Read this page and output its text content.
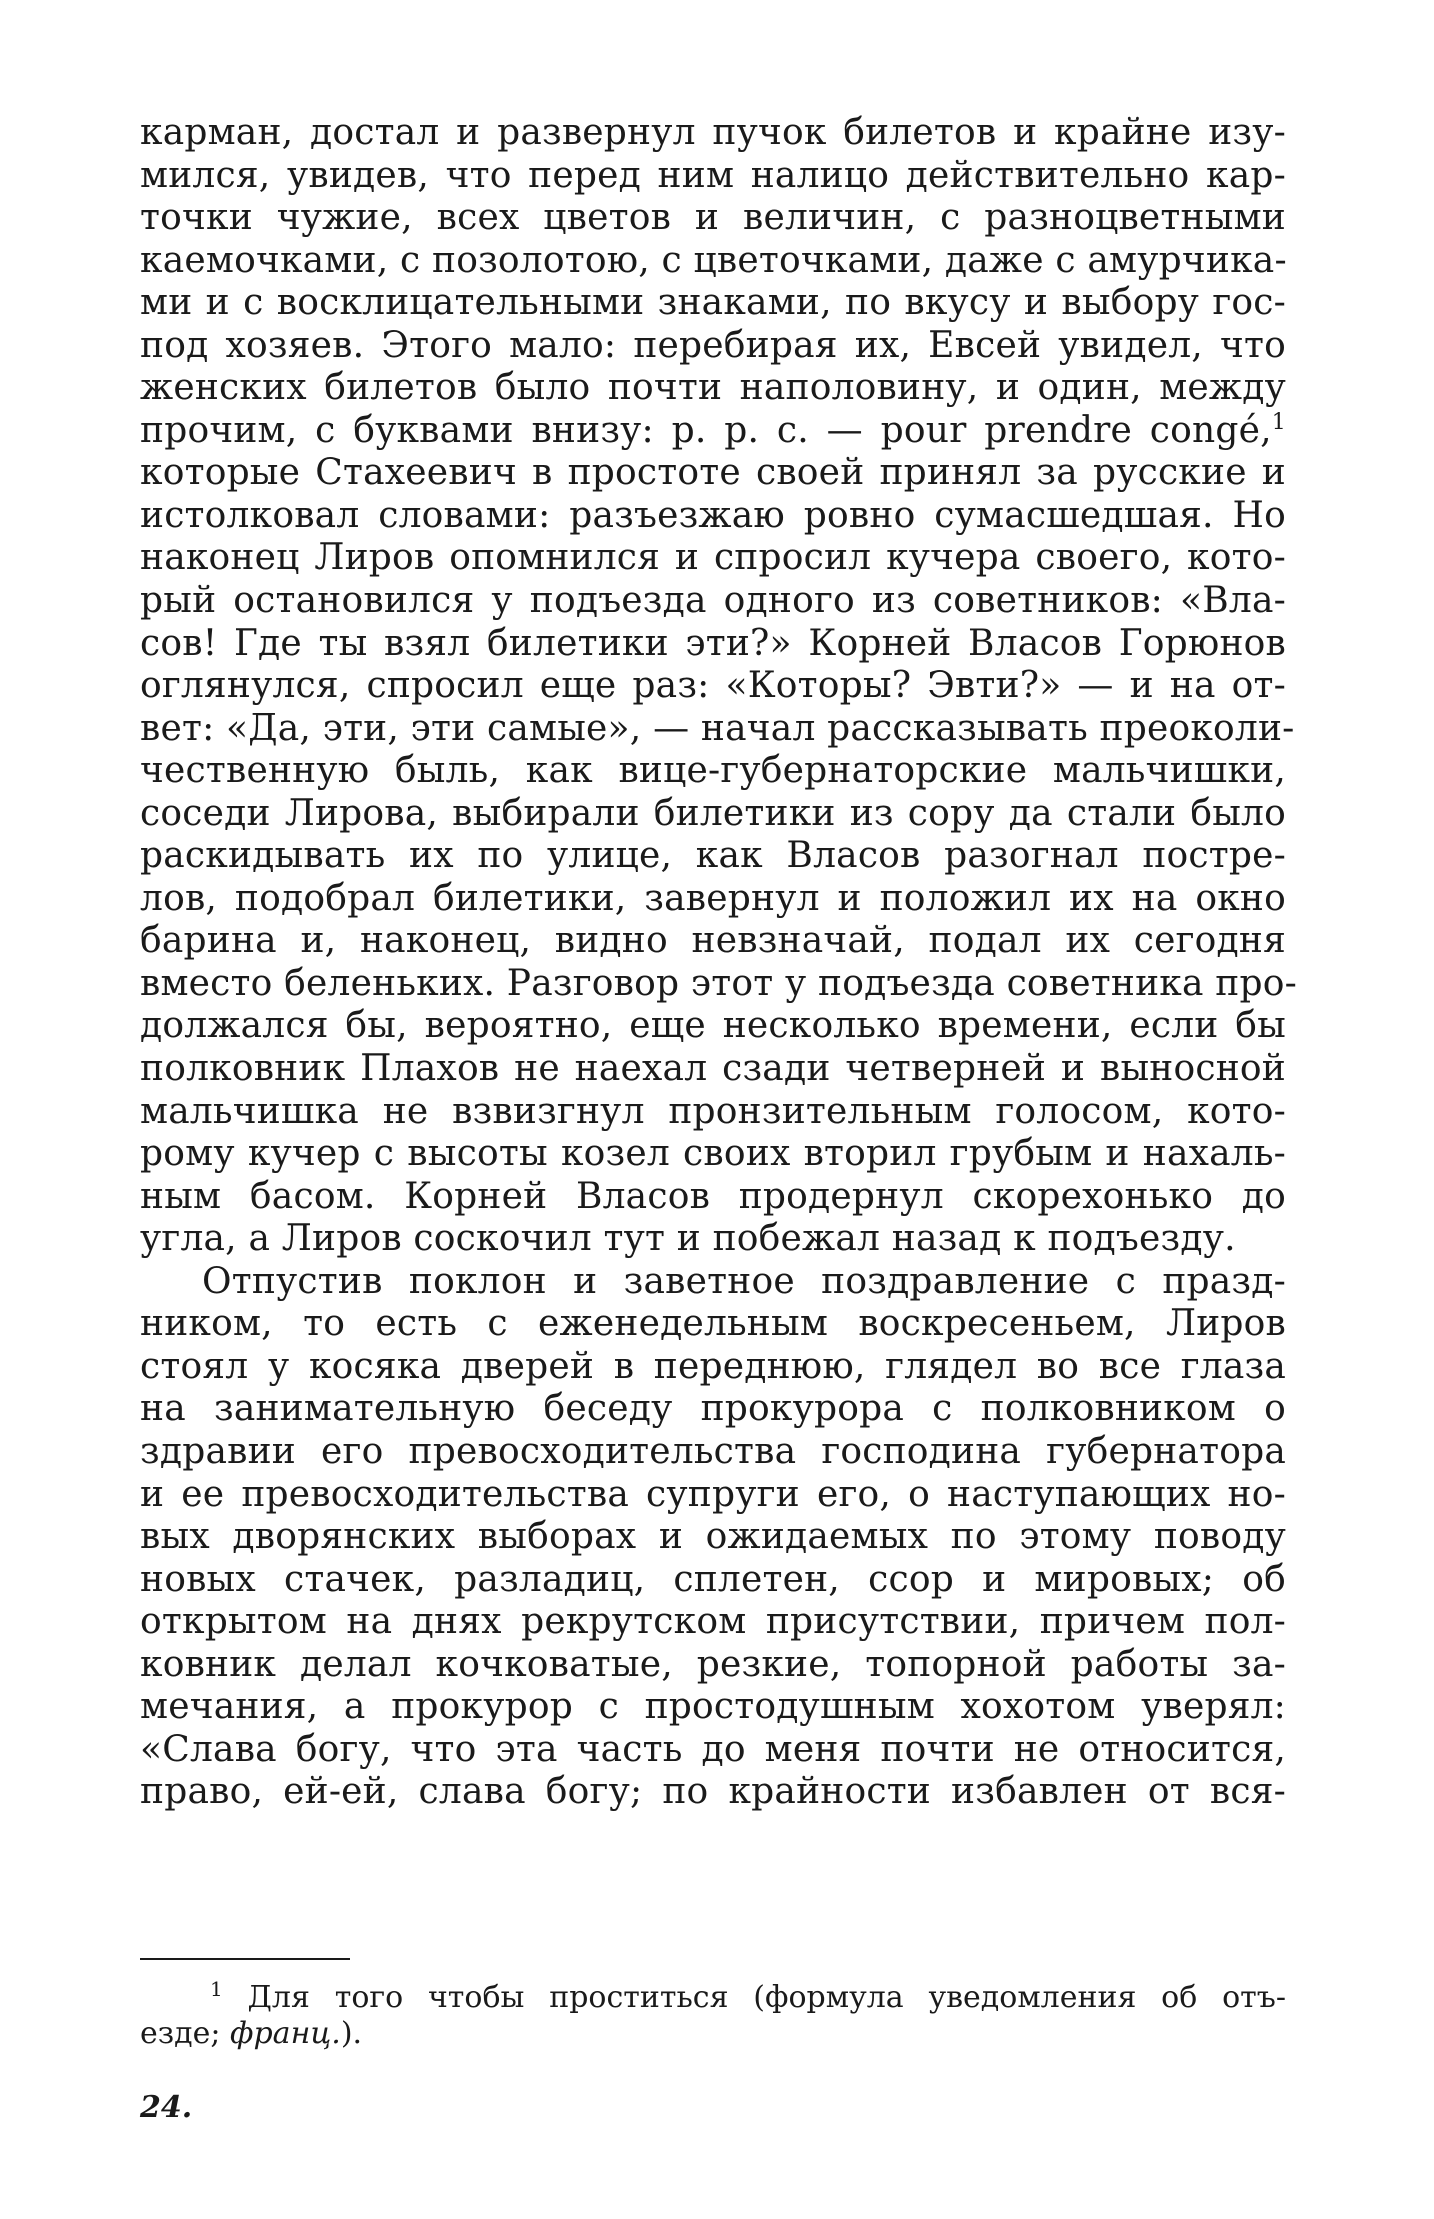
карман, достал и развернул пучок билетов и крайне изу-
мился, увидев, что перед ним налицо действительно кар-
точки чужие, всех цветов и величин, с разноцветными
каемочками, с позолотою, с цветочками, даже с амурчика-
ми и с восклицательными знаками, по вкусу и выбору гос-
под хозяев. Этого мало: перебирая их, Евсей увидел, что
женских билетов было почти наполовину, и один, между
прочим, с буквами внизу: р. р. с. — pour prendre congé,$^1$
которые Стахеевич в простоте своей принял за русские и
истолковал словами: разъезжаю ровно сумасшедшая. Но
наконец Лиров опомнился и спросил кучера своего, кото-
рый остановился у подъезда одного из советников: «Вла-
сов! Где ты взял билетики эти?» Корней Власов Горюнов
оглянулся, спросил еще раз: «Которы? Эвти?» — и на от-
вет: «Да, эти, эти самые», — начал рассказывать преоколи-
чественную быль, как вице-губернаторские мальчишки,
соседи Лирова, выбирали билетики из сору да стали было
раскидывать их по улице, как Власов разогнал постре-
лов, подобрал билетики, завернул и положил их на окно
барина и, наконец, видно невзначай, подал их сегодня
вместо беленьких. Разговор этот у подъезда советника про-
должался бы, вероятно, еще несколько времени, если бы
полковник Плахов не наехал сзади четверней и выносной
мальчишка не взвизгнул пронзительным голосом, кото-
рому кучер с высоты козел своих вторил грубым и нахаль-
ным басом. Корней Власов продернул скорехонько до
угла, а Лиров соскочил тут и побежал назад к подъезду.
Отпустив поклон и заветное поздравление с празд-
ником, то есть с еженедельным воскресеньем, Лиров
стоял у косяка дверей в переднюю, глядел во все глаза
на занимательную беседу прокурора с полковником о
здравии его превосходительства господина губернатора
и ее превосходительства супруги его, о наступающих но-
вых дворянских выборах и ожидаемых по этому поводу
новых стачек, разладиц, сплетен, ссор и мировых; об
открытом на днях рекрутском присутствии, причем пол-
ковник делал кочковатые, резкие, топорной работы за-
мечания, а прокурор с простодушным хохотом уверял:
«Слава богу, что эта часть до меня почти не относится,
право, ей-ей, слава богу; по крайности избавлен от вся-
$^1$ Для того чтобы проститься (формула уведомления об отъ-
езде; франц.).
24.
